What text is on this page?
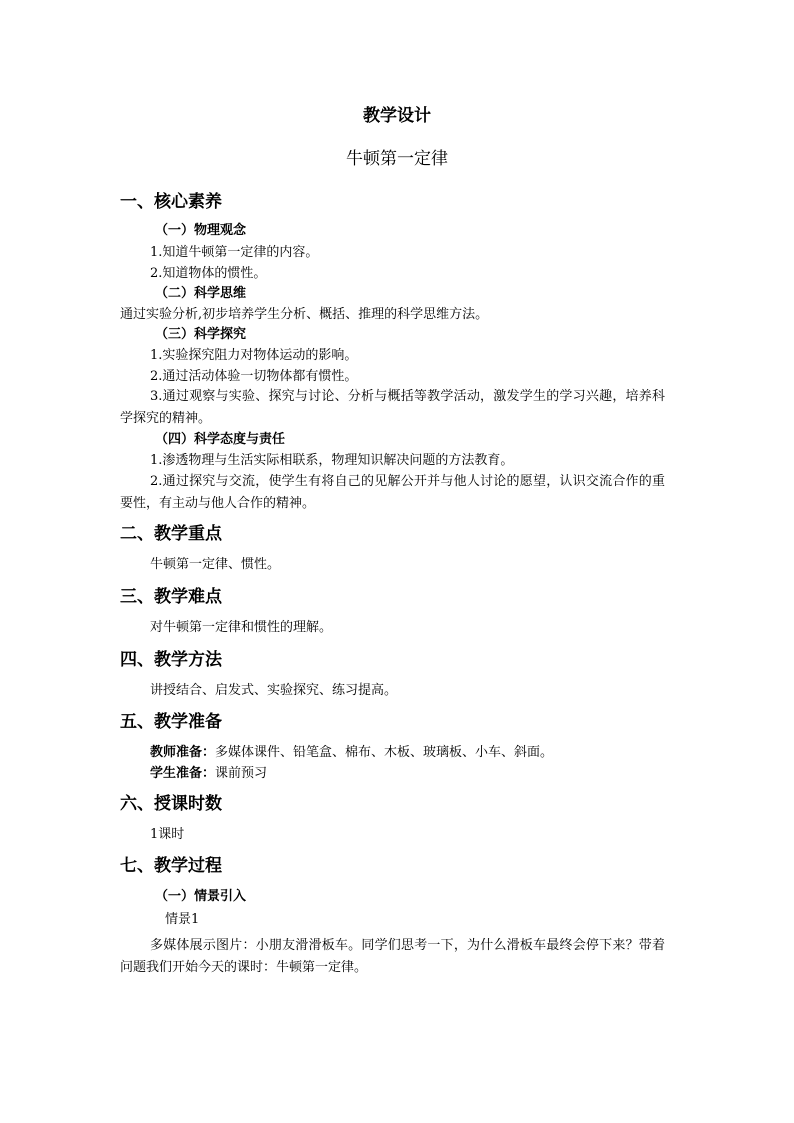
教学设计
牛顿第一定律
一、核心素养
（一）物理观念
1.知道牛顿第一定律的内容。
2.知道物体的惯性。
（二）科学思维
通过实验分析,初步培养学生分析、概括、推理的科学思维方法。
（三）科学探究
1.实验探究阻力对物体运动的影响。
2.通过活动体验一切物体都有惯性。
3.通过观察与实验、探究与讨论、分析与概括等教学活动，激发学生的学习兴趣，培养科学探究的精神。
（四）科学态度与责任
1.渗透物理与生活实际相联系，物理知识解决问题的方法教育。
2.通过探究与交流，使学生有将自己的见解公开并与他人讨论的愿望，认识交流合作的重要性，有主动与他人合作的精神。
二、教学重点
牛顿第一定律、惯性。
三、教学难点
对牛顿第一定律和惯性的理解。
四、教学方法
讲授结合、启发式、实验探究、练习提高。
五、教学准备
教师准备：多媒体课件、铅笔盒、棉布、木板、玻璃板、小车、斜面。
学生准备：课前预习
六、授课时数
1课时
七、教学过程
（一）情景引入
情景1
多媒体展示图片：小朋友滑滑板车。同学们思考一下，为什么滑板车最终会停下来？带着问题我们开始今天的课时：牛顿第一定律。
